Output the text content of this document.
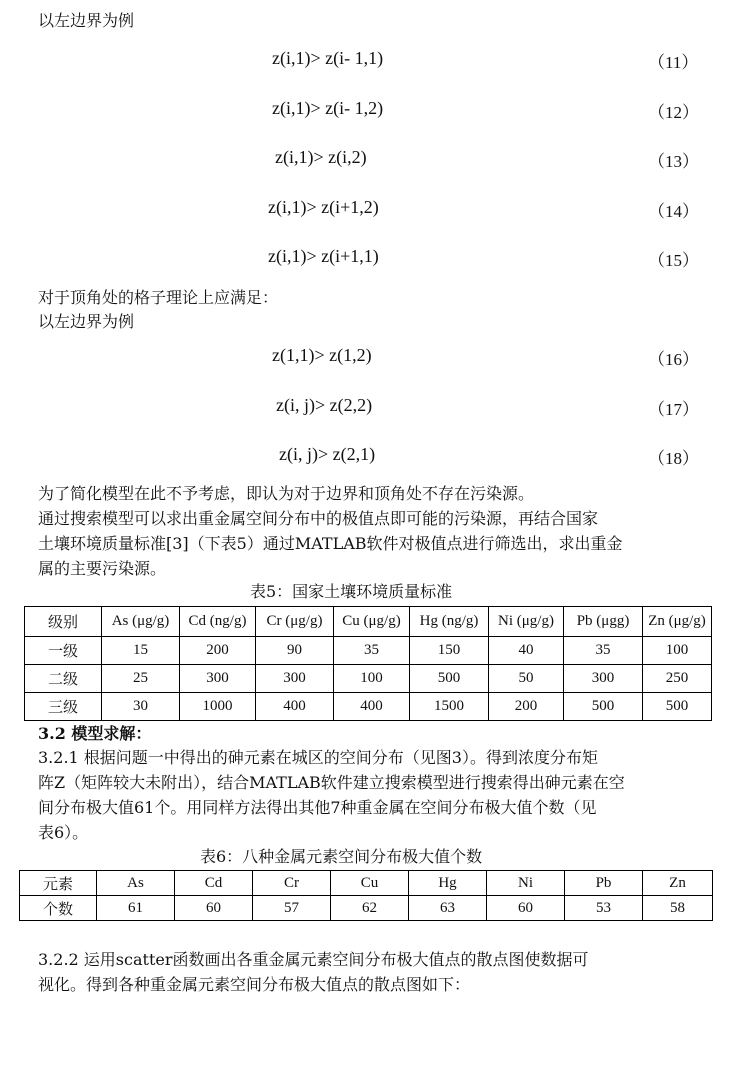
以左边界为例
z(i,1)> z(i- 1,1)	（11）
z(i,1)> z(i- 1,2)	（12）
z(i,1)> z(i,2)	（13）
z(i,1)> z(i+1,2)	（14）
z(i,1)> z(i+1,1)	（15）
对于顶角处的格子理论上应满足：
以左边界为例
z(1,1)> z(1,2)	（16）
z(i, j)> z(2,2)	（17）
z(i, j)> z(2,1)	（18）
为了简化模型在此不予考虑，即认为对于边界和顶角处不存在污染源。
通过搜索模型可以求出重金属空间分布中的极值点即可能的污染源，再结合国家
土壤环境质量标准[3]（下表5）通过MATLAB软件对极值点进行筛选出，求出重金
属的主要污染源。
表5：国家土壤环境质量标准
级别	As (μg/g)	Cd (ng/g)	Cr (μg/g)	Cu (μg/g)	Hg (ng/g)	Ni (μg/g)	Pb (μgg)	Zn (μg/g)
一级	15	200	90	35	150	40	35	100
二级	25	300	300	100	500	50	300	250
三级	30	1000	400	400	1500	200	500	500
3.2 模型求解：
3.2.1 根据问题一中得出的砷元素在城区的空间分布（见图3）。得到浓度分布矩
阵Z（矩阵较大未附出），结合MATLAB软件建立搜索模型进行搜索得出砷元素在空
间分布极大值61个。用同样方法得出其他7种重金属在空间分布极大值个数（见
表6）。
表6：八种金属元素空间分布极大值个数
元素	As	Cd	Cr	Cu	Hg	Ni	Pb	Zn
个数	61	60	57	62	63	60	53	58
3.2.2 运用scatter函数画出各重金属元素空间分布极大值点的散点图使数据可
视化。得到各种重金属元素空间分布极大值点的散点图如下：
